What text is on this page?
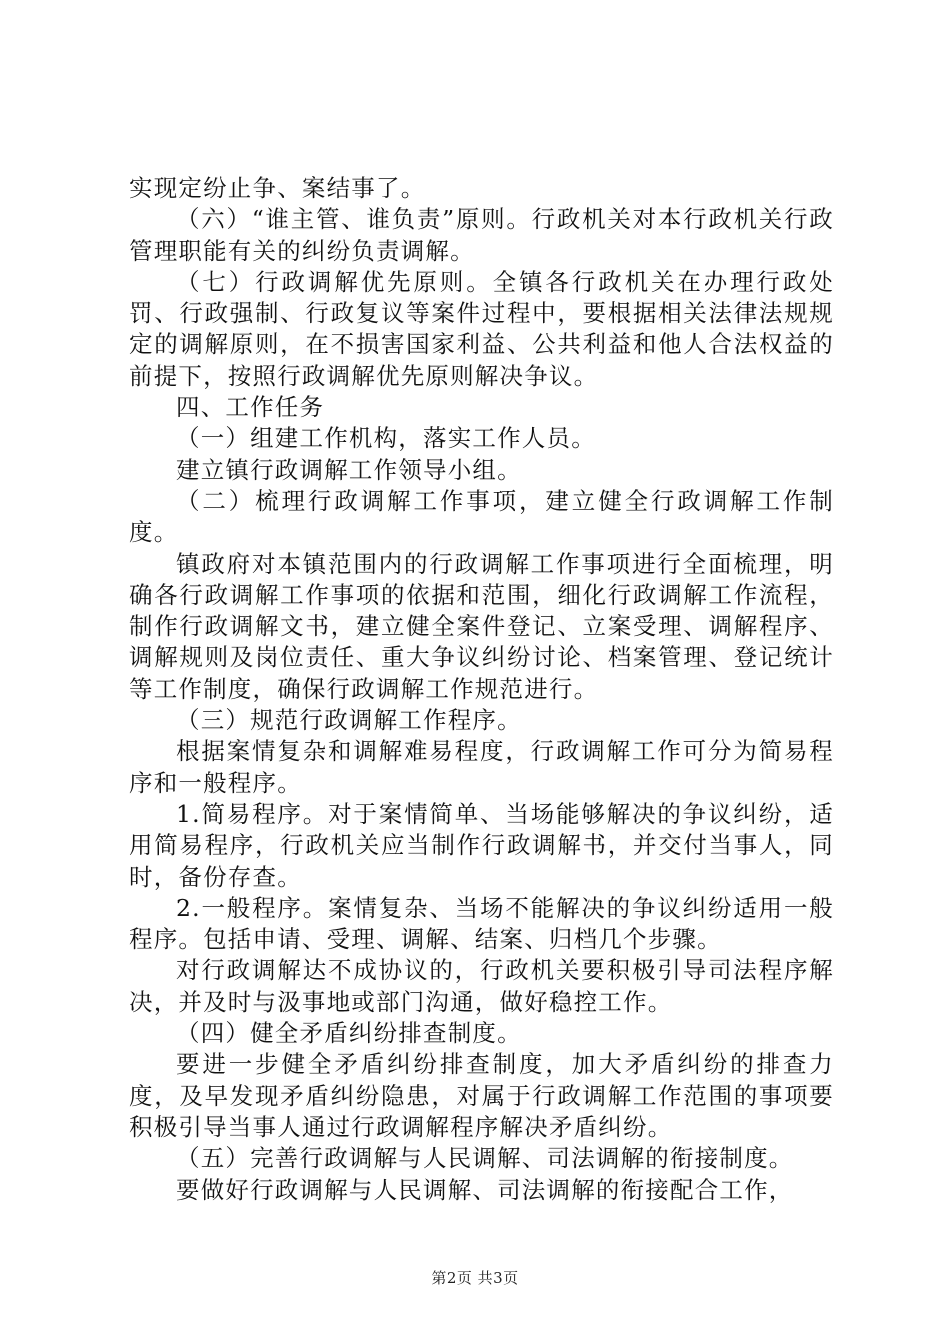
实现定纷止争、案结事了。

（六）“谁主管、谁负责”原则。行政机关对本行政机关行政管理职能有关的纠纷负责调解。

（七）行政调解优先原则。全镇各行政机关在办理行政处罚、行政强制、行政复议等案件过程中，要根据相关法律法规规定的调解原则，在不损害国家利益、公共利益和他人合法权益的前提下，按照行政调解优先原则解决争议。

四、工作任务

（一）组建工作机构，落实工作人员。

建立镇行政调解工作领导小组。

（二）梳理行政调解工作事项，建立健全行政调解工作制度。

镇政府对本镇范围内的行政调解工作事项进行全面梳理，明确各行政调解工作事项的依据和范围，细化行政调解工作流程，制作行政调解文书，建立健全案件登记、立案受理、调解程序、调解规则及岗位责任、重大争议纠纷讨论、档案管理、登记统计等工作制度，确保行政调解工作规范进行。

（三）规范行政调解工作程序。

根据案情复杂和调解难易程度，行政调解工作可分为简易程序和一般程序。

1.简易程序。对于案情简单、当场能够解决的争议纠纷，适用简易程序，行政机关应当制作行政调解书，并交付当事人，同时，备份存查。

2.一般程序。案情复杂、当场不能解决的争议纠纷适用一般程序。包括申请、受理、调解、结案、归档几个步骤。

对行政调解达不成协议的，行政机关要积极引导司法程序解决，并及时与汲事地或部门沟通，做好稳控工作。

（四）健全矛盾纠纷排查制度。

要进一步健全矛盾纠纷排查制度，加大矛盾纠纷的排查力度，及早发现矛盾纠纷隐患，对属于行政调解工作范围的事项要积极引导当事人通过行政调解程序解决矛盾纠纷。

（五）完善行政调解与人民调解、司法调解的衔接制度。

要做好行政调解与人民调解、司法调解的衔接配合工作，

第2页 共3页
